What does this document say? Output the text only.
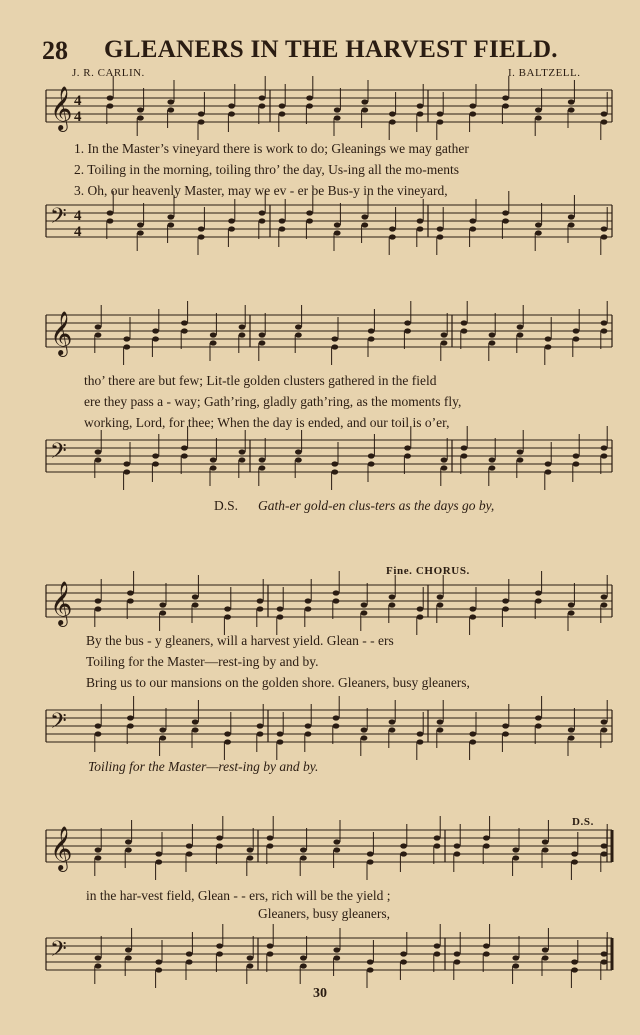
28 GLEANERS IN THE HARVEST FIELD.
J. R. CARLIN.	I. BALTZELL.
𝄞 4
4
𝄢 4
4
1. In the Master’s vineyard there is work to do; Gleanings we may gather
2. Toiling in the morning, toiling thro’ the day, Us-ing all the mo-ments
3. Oh, our heavenly Master, may we ev - er be Bus-y in the vineyard,
𝄞
𝄢
tho’ there are but few; Lit-tle golden clusters gathered in the field
ere they pass a - way; Gath’ring, gladly gath’ring, as the moments fly,
working, Lord, for thee; When the day is ended, and our toil is o’er,
D.S. Gath-er gold-en clus-ters as the days go by,
Fine. CHORUS.
𝄞
𝄢
By the bus - y gleaners, will a harvest yield. Glean - - ers
Toiling for the Master—rest-ing by and by.
Bring us to our mansions on the golden shore. Gleaners, busy gleaners,
Toiling for the Master—rest-ing by and by.
D.S.
𝄞
𝄢
in the har-vest field, Glean - - ers, rich will be the yield ;
Gleaners, busy gleaners,
30
